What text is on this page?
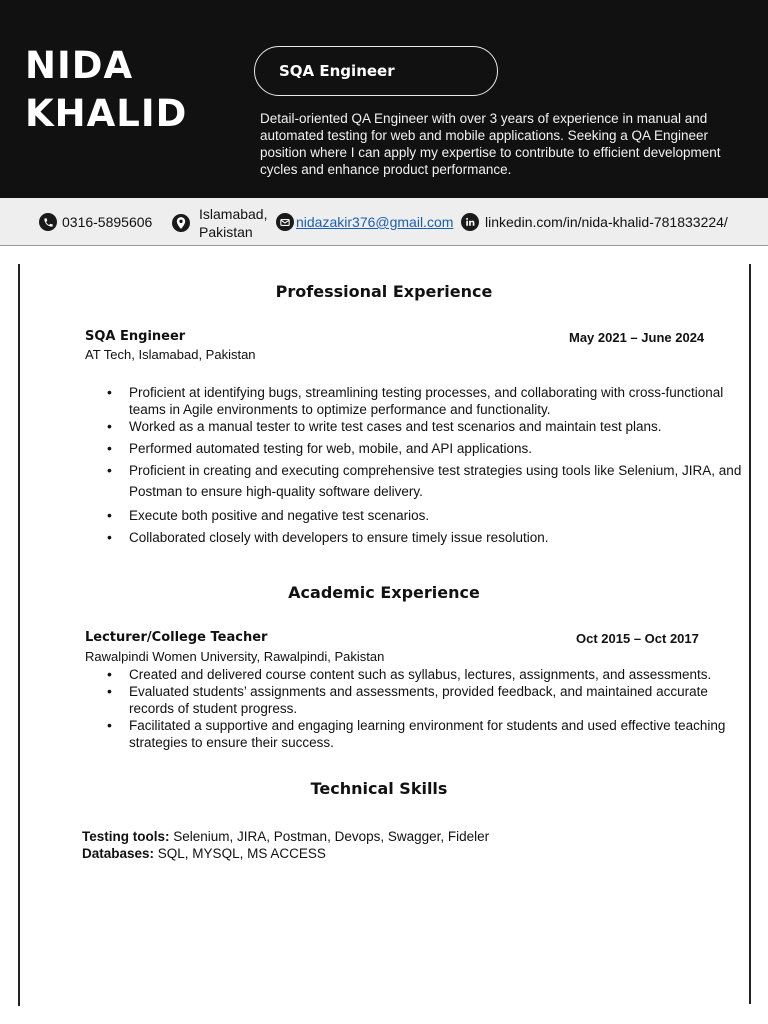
NIDA
KHALID
SQA Engineer
Detail-oriented QA Engineer with over 3 years of experience in manual and automated testing for web and mobile applications. Seeking a QA Engineer position where I can apply my expertise to contribute to efficient development cycles and enhance product performance.
0316-5895606	Islamabad,
Pakistan
nidazakir376@gmail.com linkedin.com/in/nida-khalid-781833224/
Professional Experience
SQA Engineer	May 2021 – June 2024
AT Tech, Islamabad, Pakistan
• Proficient at identifying bugs, streamlining testing processes, and collaborating with cross-functional teams in Agile environments to optimize performance and functionality.
• Worked as a manual tester to write test cases and test scenarios and maintain test plans.
• Performed automated testing for web, mobile, and API applications.
• Proficient in creating and executing comprehensive test strategies using tools like Selenium, JIRA, and Postman to ensure high-quality software delivery.
• Execute both positive and negative test scenarios.
• Collaborated closely with developers to ensure timely issue resolution.
Academic Experience
Lecturer/College Teacher	Oct 2015 – Oct 2017
Rawalpindi Women University, Rawalpindi, Pakistan
• Created and delivered course content such as syllabus, lectures, assignments, and assessments.
• Evaluated students’ assignments and assessments, provided feedback, and maintained accurate records of student progress.
• Facilitated a supportive and engaging learning environment for students and used effective teaching strategies to ensure their success.
Technical Skills
Testing tools: Selenium, JIRA, Postman, Devops, Swagger, Fideler
Databases: SQL, MYSQL, MS ACCESS
